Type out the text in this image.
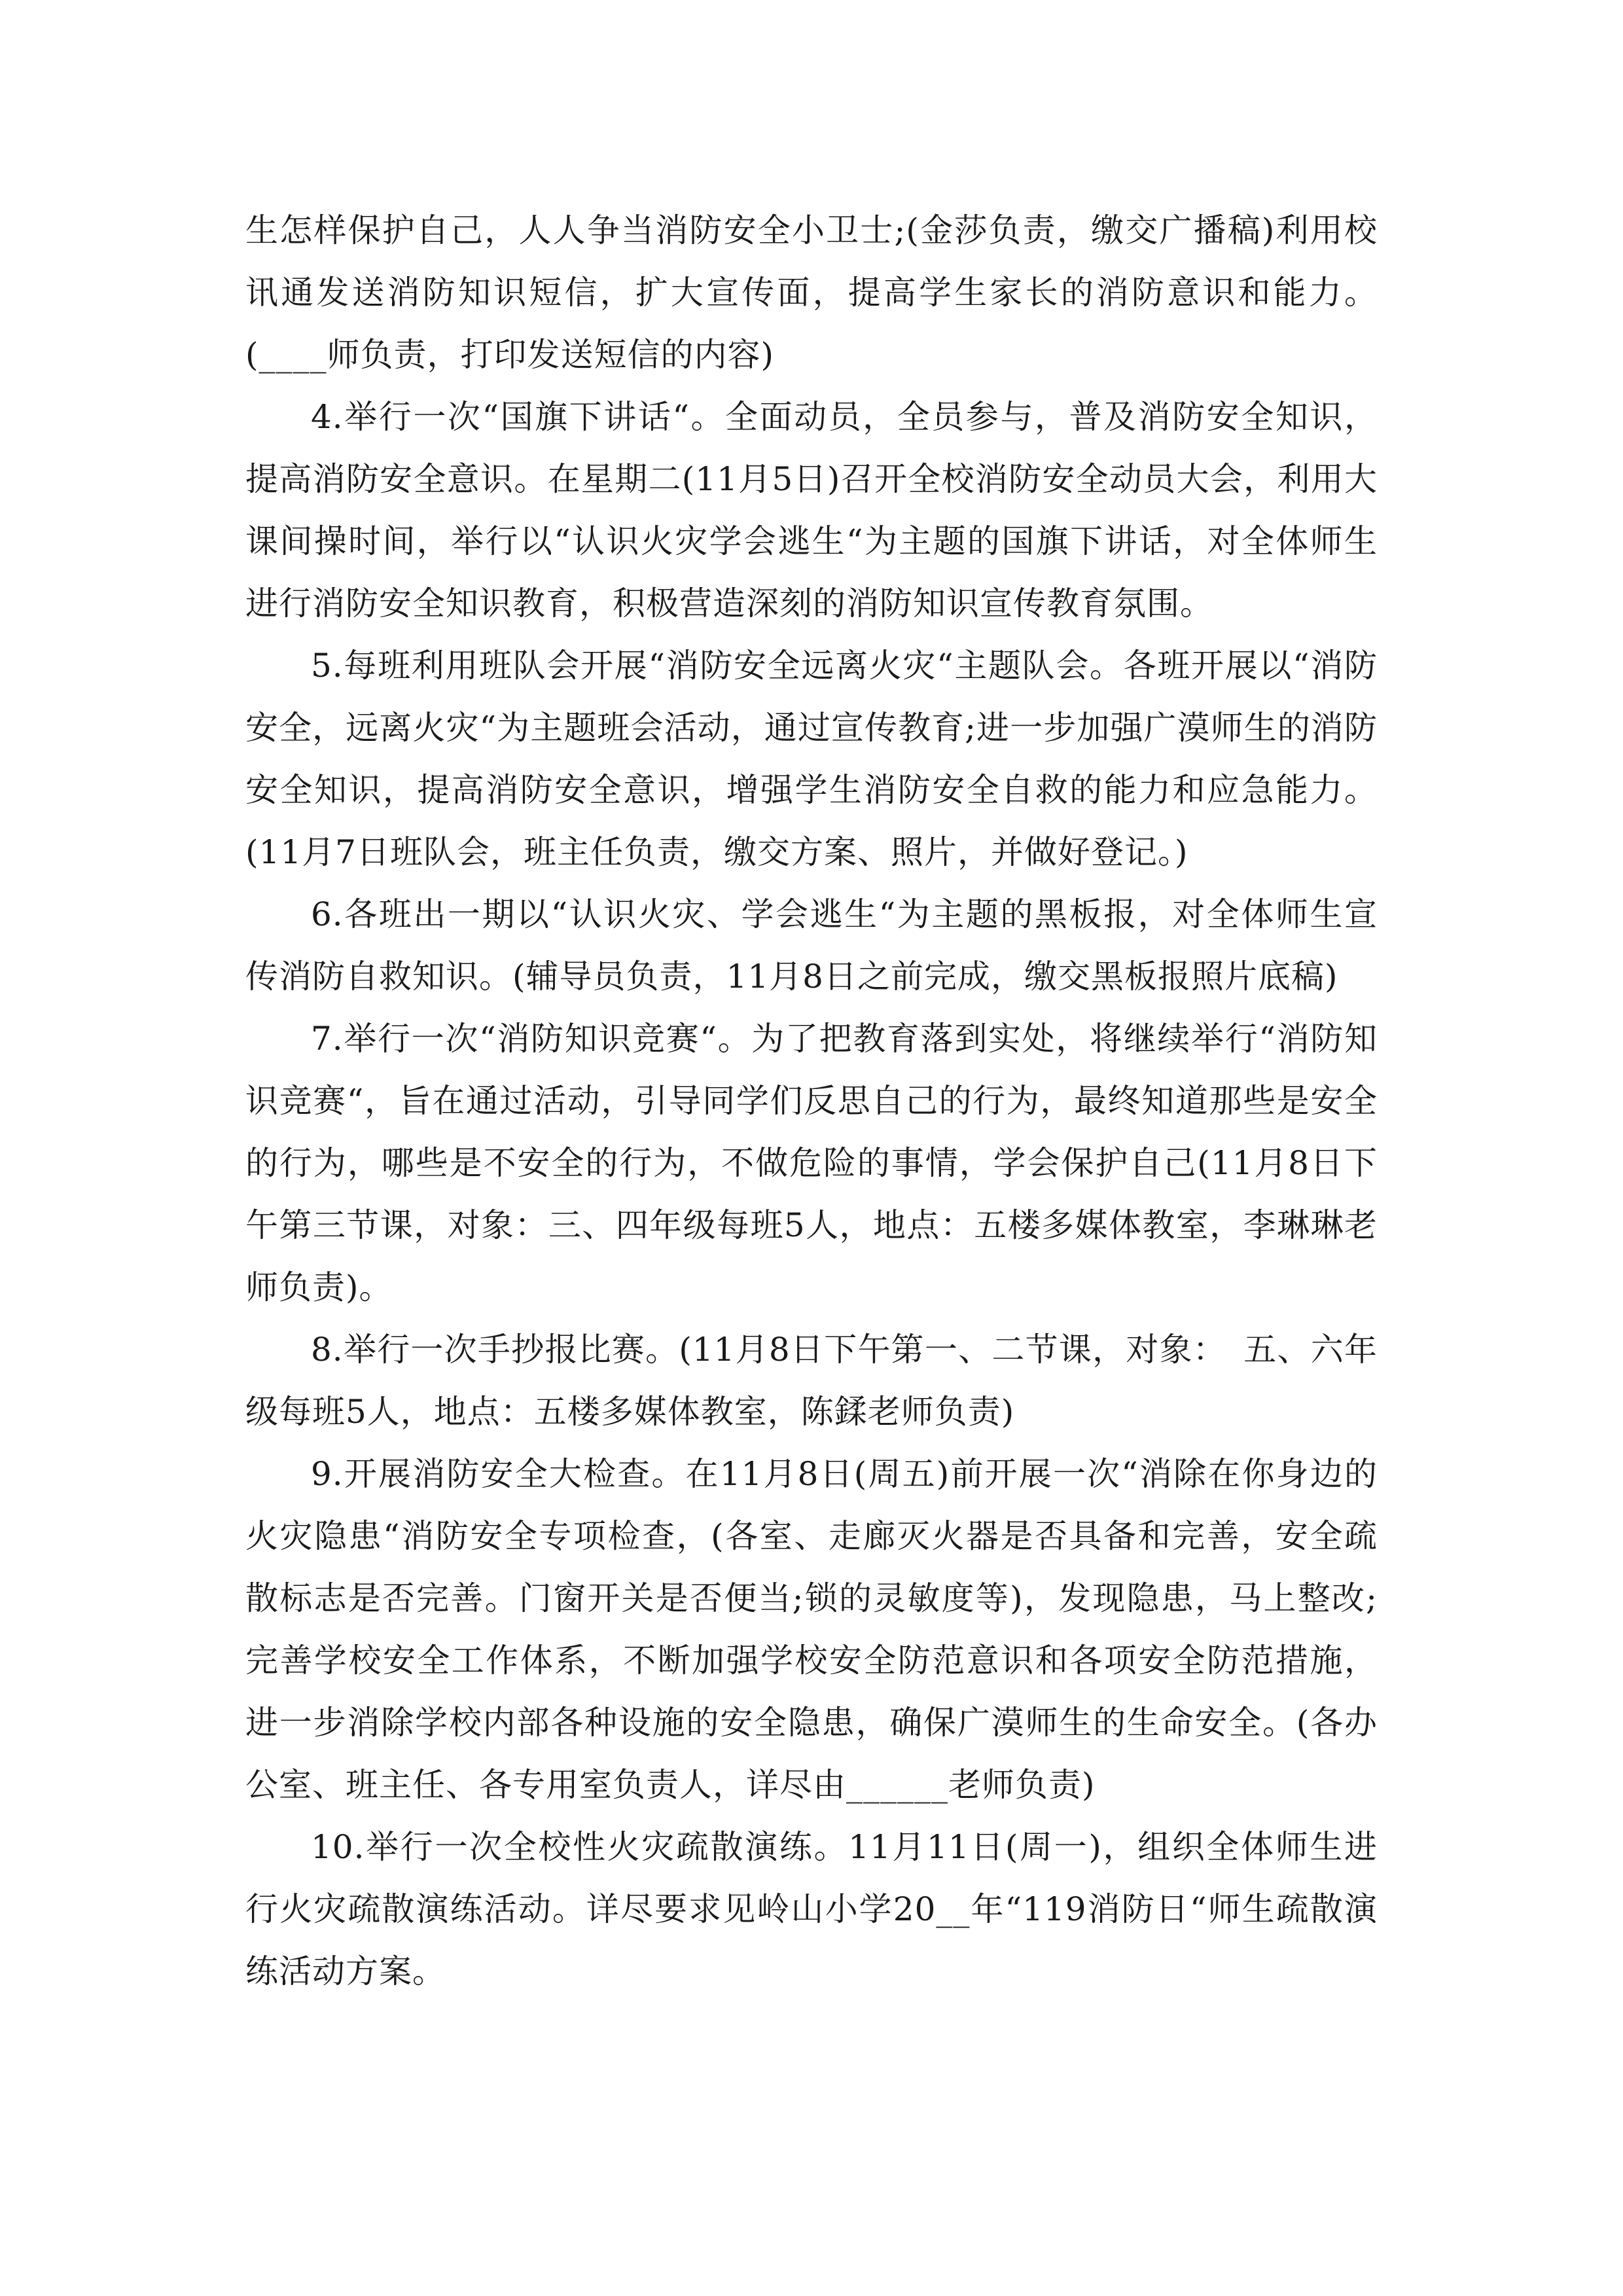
生怎样保护自己，人人争当消防安全小卫士;(金莎负责，缴交广播稿)利用校讯通发送消防知识短信，扩大宣传面，提高学生家长的消防意识和能力。(____师负责，打印发送短信的内容)

4.举行一次“国旗下讲话“。全面动员，全员参与，普及消防安全知识，提高消防安全意识。在星期二(11月5日)召开全校消防安全动员大会，利用大课间操时间，举行以“认识火灾学会逃生“为主题的国旗下讲话，对全体师生进行消防安全知识教育，积极营造深刻的消防知识宣传教育氛围。

5.每班利用班队会开展“消防安全远离火灾“主题队会。各班开展以“消防安全，远离火灾“为主题班会活动，通过宣传教育;进一步加强广漠师生的消防安全知识，提高消防安全意识，增强学生消防安全自救的能力和应急能力。(11月7日班队会，班主任负责，缴交方案、照片，并做好登记。)

6.各班出一期以“认识火灾、学会逃生“为主题的黑板报，对全体师生宣传消防自救知识。(辅导员负责，11月8日之前完成，缴交黑板报照片底稿)

7.举行一次“消防知识竞赛“。为了把教育落到实处，将继续举行“消防知识竞赛“，旨在通过活动，引导同学们反思自己的行为，最终知道那些是安全的行为，哪些是不安全的行为，不做危险的事情，学会保护自己(11月8日下午第三节课，对象：三、四年级每班5人，地点：五楼多媒体教室，李琳琳老师负责)。

8.举行一次手抄报比赛。(11月8日下午第一、二节课，对象：　五、六年级每班5人，地点：五楼多媒体教室，陈鍒老师负责)

9.开展消防安全大检查。在11月8日(周五)前开展一次“消除在你身边的火灾隐患“消防安全专项检查，(各室、走廊灭火器是否具备和完善，安全疏散标志是否完善。门窗开关是否便当;锁的灵敏度等)，发现隐患，马上整改;完善学校安全工作体系，不断加强学校安全防范意识和各项安全防范措施，进一步消除学校内部各种设施的安全隐患，确保广漠师生的生命安全。(各办公室、班主任、各专用室负责人，详尽由______老师负责)

10.举行一次全校性火灾疏散演练。11月11日(周一)，组织全体师生进行火灾疏散演练活动。详尽要求见岭山小学20__年“119消防日“师生疏散演练活动方案。
